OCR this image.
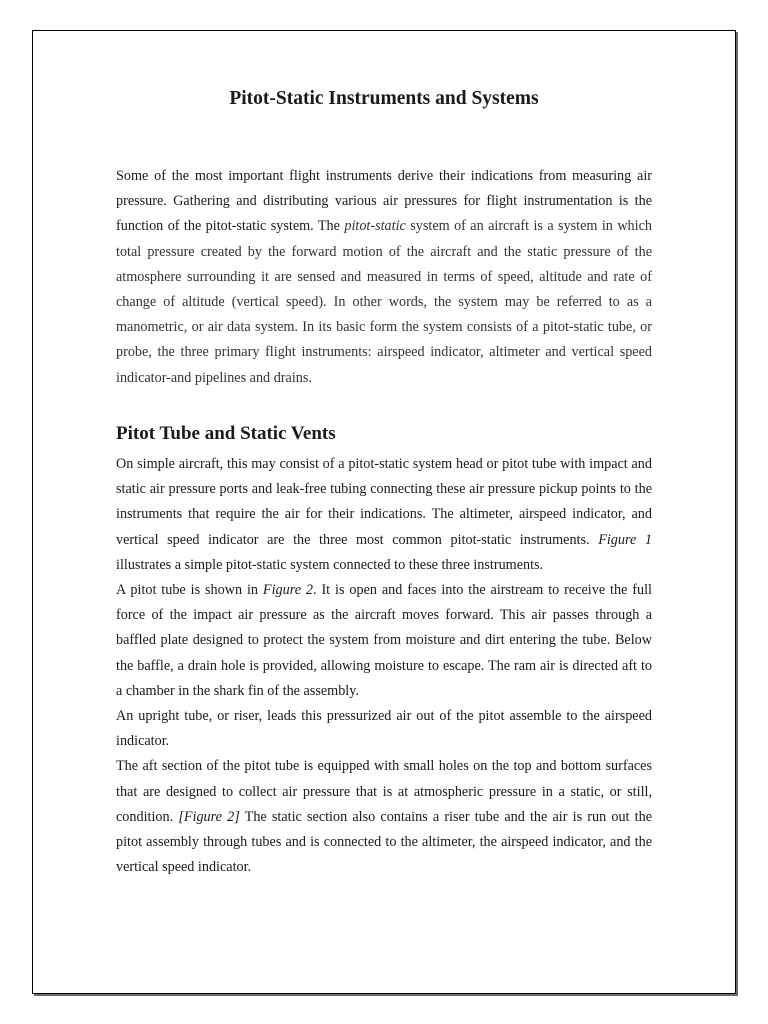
Pitot-Static Instruments and Systems

Some of the most important flight instruments derive their indications from measuring air pressure. Gathering and distributing various air pressures for flight instrumentation is the function of the pitot-static system. The pitot-static system of an aircraft is a system in which total pressure created by the forward motion of the aircraft and the static pressure of the atmosphere surrounding it are sensed and measured in terms of speed, altitude and rate of change of altitude (vertical speed). In other words, the system may be referred to as a manometric, or air data system. In its basic form the system consists of a pitot-static tube, or probe, the three primary flight instruments: airspeed indicator, altimeter and vertical speed indicator-and pipelines and drains.

Pitot Tube and Static Vents

On simple aircraft, this may consist of a pitot-static system head or pitot tube with impact and static air pressure ports and leak-free tubing connecting these air pressure pickup points to the instruments that require the air for their indications. The altimeter, airspeed indicator, and vertical speed indicator are the three most common pitot-static instruments. Figure 1 illustrates a simple pitot-static system connected to these three instruments.

A pitot tube is shown in Figure 2. It is open and faces into the airstream to receive the full force of the impact air pressure as the aircraft moves forward. This air passes through a baffled plate designed to protect the system from moisture and dirt entering the tube. Below the baffle, a drain hole is provided, allowing moisture to escape. The ram air is directed aft to a chamber in the shark fin of the assembly.

An upright tube, or riser, leads this pressurized air out of the pitot assemble to the airspeed indicator.

The aft section of the pitot tube is equipped with small holes on the top and bottom surfaces that are designed to collect air pressure that is at atmospheric pressure in a static, or still, condition. [Figure 2] The static section also contains a riser tube and the air is run out the pitot assembly through tubes and is connected to the altimeter, the airspeed indicator, and the vertical speed indicator.
